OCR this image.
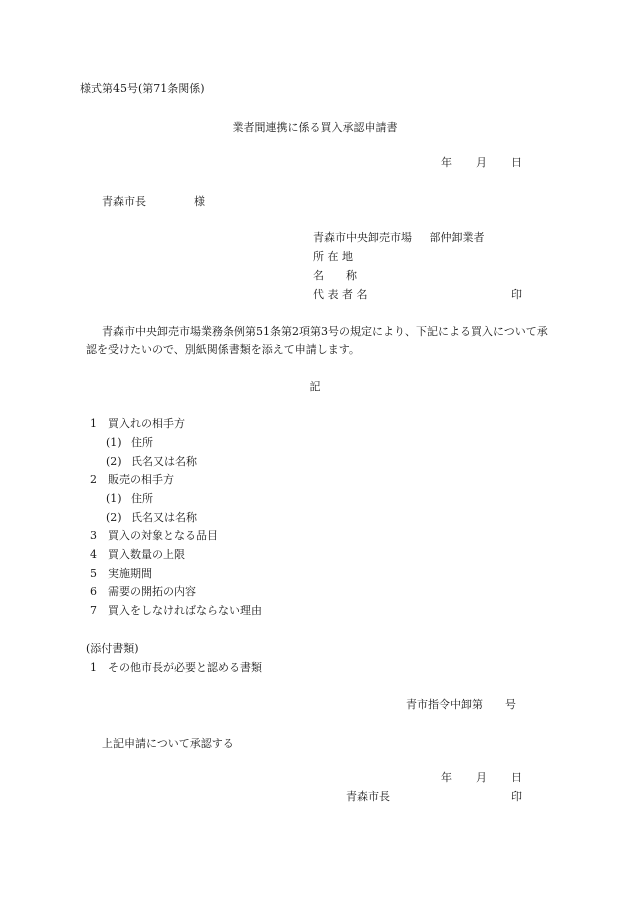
様式第45号(第71条関係)
業者間連携に係る買入承認申請書
年 月 日
青森市長	様
青森市中央卸売市場 部仲卸業者
所 在 地
名　　称
代 表 者 名	印
青森市中央卸売市場業務条例第51条第2項第3号の規定により、下記による買入について承認を受けたいので、別紙関係書類を添えて申請します。
記
1 買入れの相手方
(1) 住所
(2) 氏名又は名称
2 販売の相手方
(1) 住所
(2) 氏名又は名称
3 買入の対象となる品目
4 買入数量の上限
5 実施期間
6 需要の開拓の内容
7 買入をしなければならない理由
(添付書類)
1 その他市長が必要と認める書類
青市指令中卸第 号
上記申請について承認する
年 月 日
青森市長	印
